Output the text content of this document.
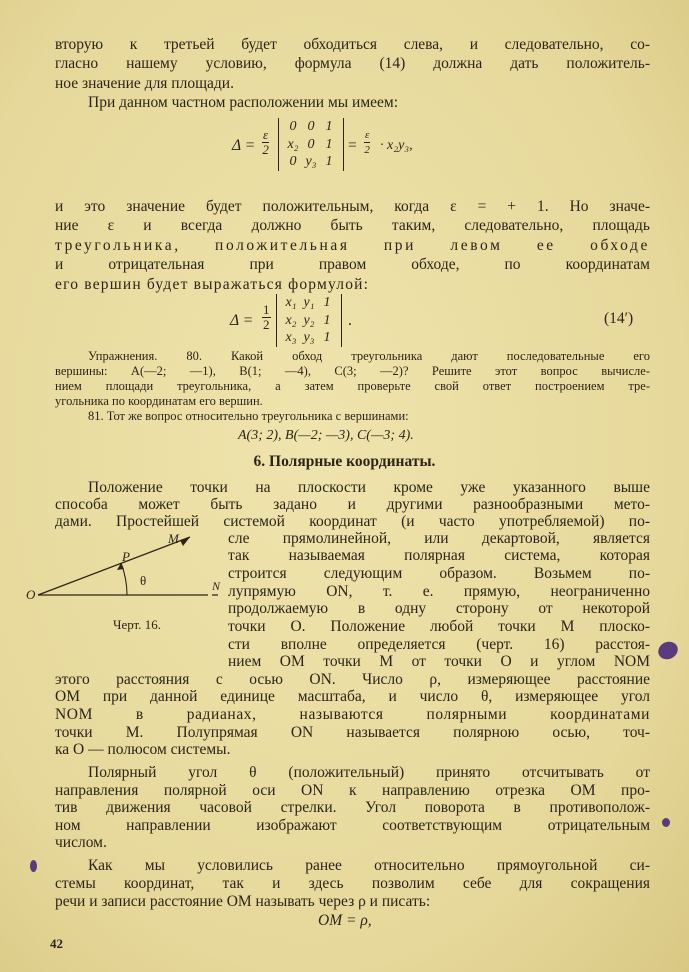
вторую к третьей будет обходиться слева, и следовательно, со-
гласно нашему условию, формула (14) должна дать положитель-
ное значение для площади.
При данном частном расположении мы имеем:
$\Delta = \frac{\varepsilon}{2}$
0 0 1
x₂ 0 1
0 y₃ 1
= $\frac{\varepsilon}{2} \cdot x_2y_3$,
и это значение будет положительным, когда ε = + 1. Но значе-
ние ε и всегда должно быть таким, следовательно, площадь
треугольника, положительная при левом ее обходе
и отрицательная при правом обходе, по координатам
его вершин будет выражаться формулой:
$\Delta = \frac{1}{2}$
x₁ y₁ 1
x₂ y₂ 1
x₃ y₃ 1
.	(14′)
Упражнения. 80. Какой обход треугольника дают последовательные его
вершины: A(—2; —1), B(1; —4), C(3; —2)? Решите этот вопрос вычисле-
нием площади треугольника, а затем проверьте свой ответ построением тре-
угольника по координатам его вершин.
81. Тот же вопрос относительно треугольника с вершинами:
A(3; 2), B(—2; —3), C(—3; 4).
6. Полярные координаты.
Положение точки на плоскости кроме уже указанного выше
способа может быть задано и другими разнообразными мето-
дами. Простейшей системой координат (и часто употребляемой) по-
сле прямолинейной, или декартовой, является
так называемая полярная система, которая
строится следующим образом. Возьмем по-
лупрямую ON, т. е. прямую, неограниченно
продолжаемую в одну сторону от некоторой
точки O. Положение любой точки M плоско-
сти вполне определяется (черт. 16) расстоя-
нием OM точки M от точки O и углом NOM
M
P
θ
O
N
Черт. 16.
этого расстояния с осью ON. Число ρ, измеряющее расстояние
OM при данной единице масштаба, и число θ, измеряющее угол
NOM в радианах, называются полярными координатами
точки M. Полупрямая ON называется полярною осью, точ-
ка O — полюсом системы.
Полярный угол θ (положительный) принято отсчитывать от
направления полярной оси ON к направлению отрезка OM про-
тив движения часовой стрелки. Угол поворота в противополож-
ном направлении изображают соответствующим отрицательным
числом.
Как мы условились ранее относительно прямоугольной си-
стемы координат, так и здесь позволим себе для сокращения
речи и записи расстояние OM называть через ρ и писать:
OM = ρ,
42
